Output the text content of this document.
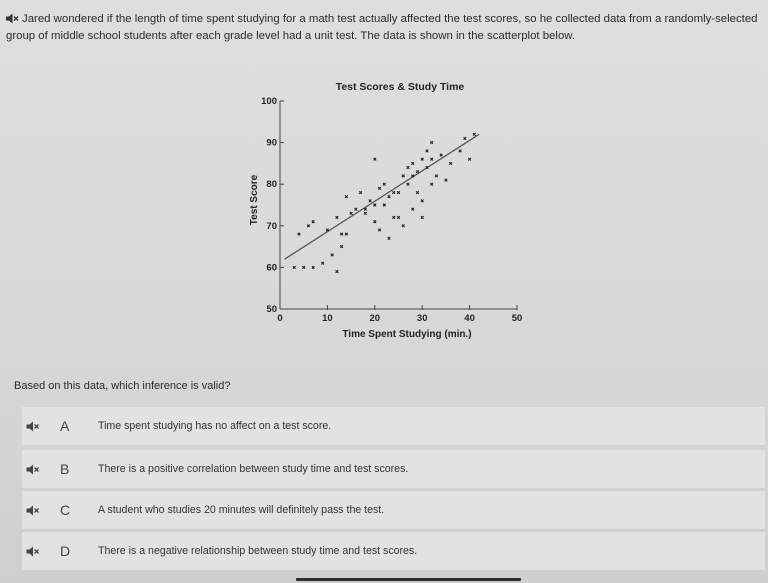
Jared wondered if the length of time spent studying for a math test actually affected the test scores, so he collected data from a randomly-selected group of middle school students after each grade level had a unit test. The data is shown in the scatterplot below.
Test Scores & Study Time
Test Score
Time Spent Studying (min.)
0	10	20	30	40	50
50
60
70
80
90
100
Based on this data, which inference is valid?
A	Time spent studying has no affect on a test score.
B	There is a positive correlation between study time and test scores.
C	A student who studies 20 minutes will definitely pass the test.
D	There is a negative relationship between study time and test scores.
